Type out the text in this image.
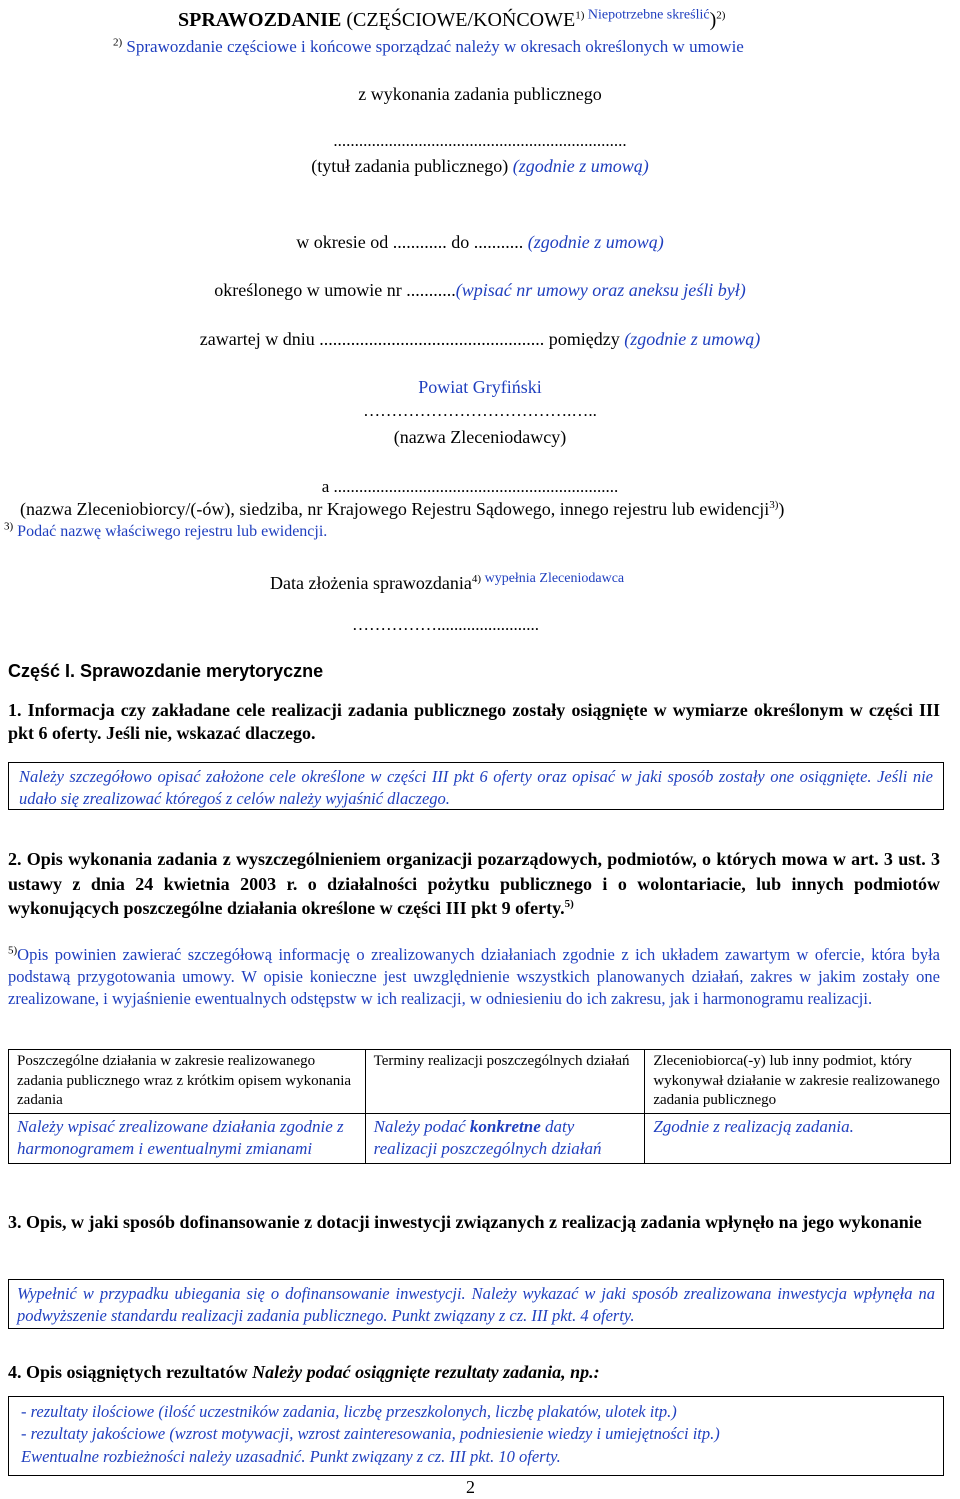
SPRAWOZDANIE (CZĘŚCIOWE/KOŃCOWE$^{1)}$ $^{Niepotrzebne skreślić}$)$^{2)}$
$^{2)}$ Sprawozdanie częściowe i końcowe sporządzać należy w okresach określonych w umowie
z wykonania zadania publicznego
.....................................................................
(tytuł zadania publicznego) (zgodnie z umową)
w okresie od ............ do ........... (zgodnie z umową)
określonego w umowie nr ...........(wpisać nr umowy oraz aneksu jeśli był)
zawartej w dniu .................................................. pomiędzy (zgodnie z umową)
Powiat Gryfiński
……………………………….…..
(nazwa Zleceniodawcy)
a ...................................................................
(nazwa Zleceniobiorcy/(-ów), siedziba, nr Krajowego Rejestru Sądowego, innego rejestru lub ewidencji$^{3)}$)
$^{3)}$ Podać nazwę właściwego rejestru lub ewidencji.
Data złożenia sprawozdania$^{4)}$ $^{wypełnia Zleceniodawca}$
……………........................
Część I. Sprawozdanie merytoryczne
1. Informacja czy zakładane cele realizacji zadania publicznego zostały osiągnięte w wymiarze określonym w części III pkt 6 oferty. Jeśli nie, wskazać dlaczego.
Należy szczegółowo opisać założone cele określone w części III pkt 6 oferty oraz opisać w jaki sposób zostały one osiągnięte. Jeśli nie udało się zrealizować któregoś z celów należy wyjaśnić dlaczego.
2. Opis wykonania zadania z wyszczególnieniem organizacji pozarządowych, podmiotów, o których mowa w art. 3 ust. 3 ustawy z dnia 24 kwietnia 2003 r. o działalności pożytku publicznego i o wolontariacie, lub innych podmiotów wykonujących poszczególne działania określone w części III pkt 9 oferty.$^{5)}$
$^{5)}$Opis powinien zawierać szczegółową informację o zrealizowanych działaniach zgodnie z ich układem zawartym w ofercie, która była podstawą przygotowania umowy. W opisie konieczne jest uwzględnienie wszystkich planowanych działań, zakres w jakim zostały one zrealizowane, i wyjaśnienie ewentualnych odstępstw w ich realizacji, w odniesieniu do ich zakresu, jak i harmonogramu realizacji.
Poszczególne działania w zakresie realizowanego zadania publicznego wraz z krótkim opisem wykonania zadania	Terminy realizacji poszczególnych działań	Zleceniobiorca(-y) lub inny podmiot, który wykonywał działanie w zakresie realizowanego zadania publicznego
Należy wpisać zrealizowane działania zgodnie z harmonogramem i ewentualnymi zmianami	Należy podać konkretne daty realizacji poszczególnych działań	Zgodnie z realizacją zadania.
3. Opis, w jaki sposób dofinansowanie z dotacji inwestycji związanych z realizacją zadania wpłynęło na jego wykonanie
Wypełnić w przypadku ubiegania się o dofinansowanie inwestycji. Należy wykazać w jaki sposób zrealizowana inwestycja wpłynęła na podwyższenie standardu realizacji zadania publicznego. Punkt związany z cz. III pkt. 4 oferty.
4. Opis osiągniętych rezultatów Należy podać osiągnięte rezultaty zadania, np.:
- rezultaty ilościowe (ilość uczestników zadania, liczbę przeszkolonych, liczbę plakatów, ulotek itp.)
- rezultaty jakościowe (wzrost motywacji, wzrost zainteresowania, podniesienie wiedzy i umiejętności itp.)
Ewentualne rozbieżności należy uzasadnić. Punkt związany z cz. III pkt. 10 oferty.
2
